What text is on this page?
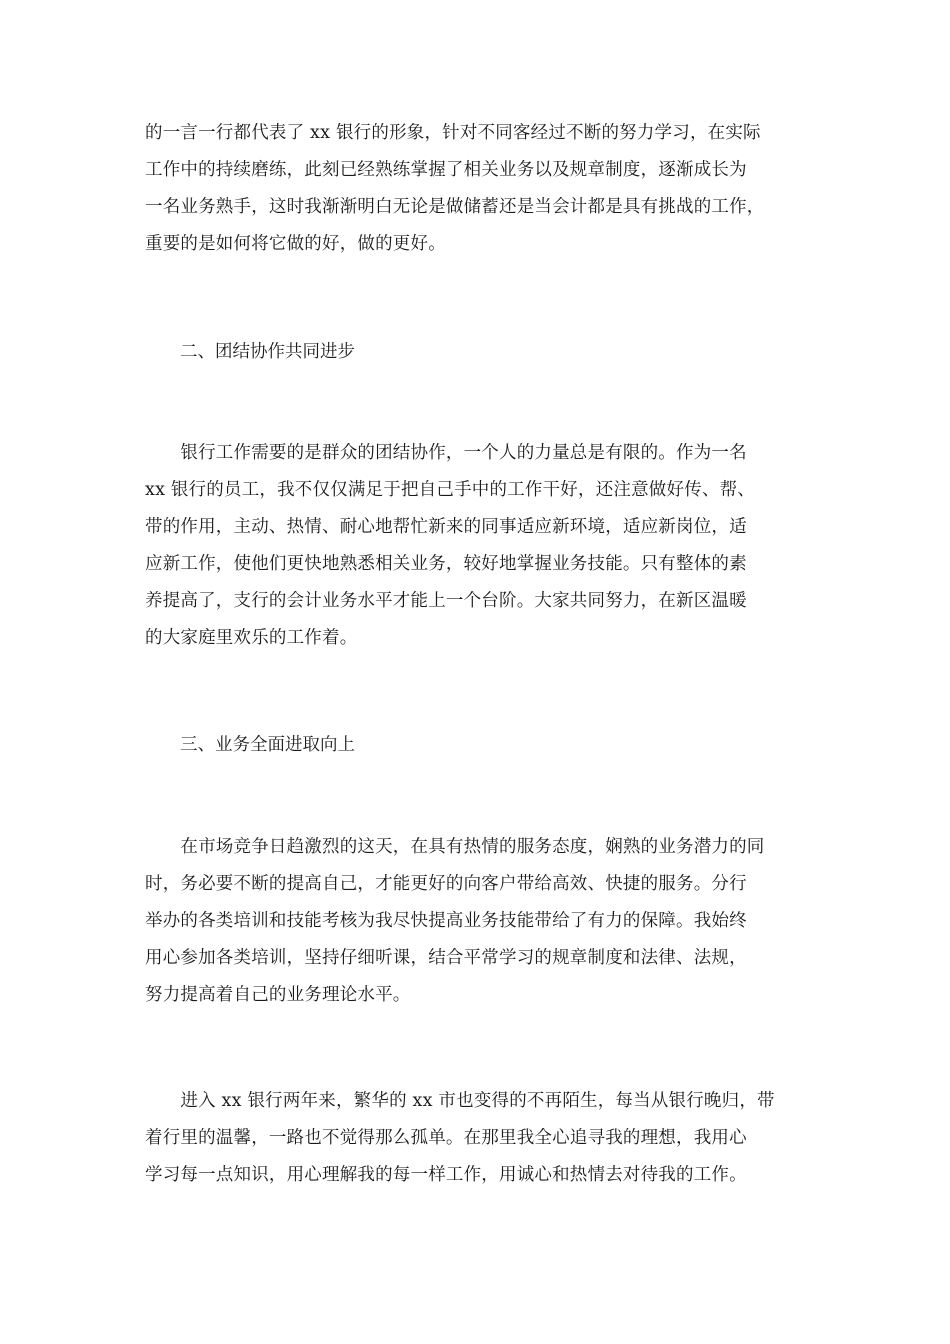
的一言一行都代表了 xx 银行的形象，针对不同客经过不断的努力学习，在实际
工作中的持续磨练，此刻已经熟练掌握了相关业务以及规章制度，逐渐成长为
一名业务熟手，这时我渐渐明白无论是做储蓄还是当会计都是具有挑战的工作，
重要的是如何将它做的好，做的更好。
　　二、团结协作共同进步
　　银行工作需要的是群众的团结协作，一个人的力量总是有限的。作为一名
xx 银行的员工，我不仅仅满足于把自己手中的工作干好，还注意做好传、帮、
带的作用，主动、热情、耐心地帮忙新来的同事适应新环境，适应新岗位，适
应新工作，使他们更快地熟悉相关业务，较好地掌握业务技能。只有整体的素
养提高了，支行的会计业务水平才能上一个台阶。大家共同努力，在新区温暖
的大家庭里欢乐的工作着。
　　三、业务全面进取向上
　　在市场竞争日趋激烈的这天，在具有热情的服务态度，娴熟的业务潜力的同
时，务必要不断的提高自己，才能更好的向客户带给高效、快捷的服务。分行
举办的各类培训和技能考核为我尽快提高业务技能带给了有力的保障。我始终
用心参加各类培训，坚持仔细听课，结合平常学习的规章制度和法律、法规，
努力提高着自己的业务理论水平。
　　进入 xx 银行两年来，繁华的 xx 市也变得的不再陌生，每当从银行晚归，带
着行里的温馨，一路也不觉得那么孤单。在那里我全心追寻我的理想，我用心
学习每一点知识，用心理解我的每一样工作，用诚心和热情去对待我的工作。
